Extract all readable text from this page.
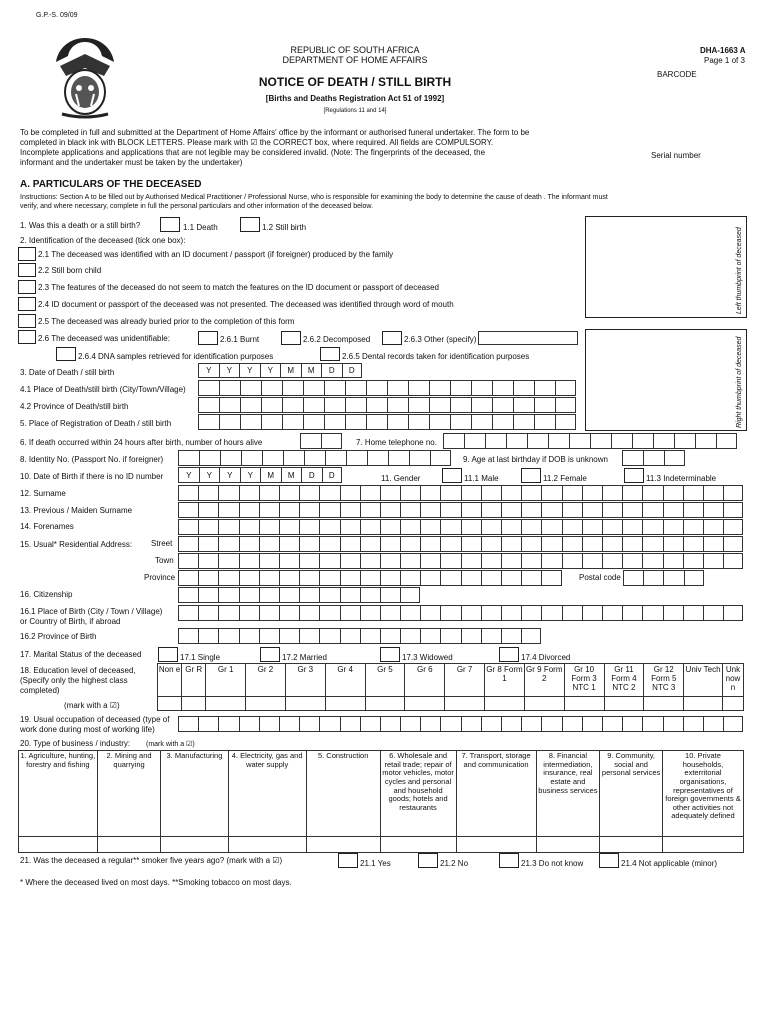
G.P.-S. 09/09
REPUBLIC OF SOUTH AFRICA
DEPARTMENT OF HOME AFFAIRS
NOTICE OF DEATH / STILL BIRTH
[Births and Deaths Registration Act 51 of 1992]
[Regulations 11 and 14]
DHA-1663 A
Page 1 of 3
BARCODE
Serial number
To be completed in full and submitted at the Department of Home Affairs' office by the informant or authorised funeral undertaker. The form to be
completed in black ink with BLOCK LETTERS. Please mark with ☑ the CORRECT box, where required. All fields are COMPULSORY.
Incomplete applications and applications that are not legible may be considered invalid. (Note: The fingerprints of the deceased, the
informant and the undertaker must be taken by the undertaker)
A. PARTICULARS OF THE DECEASED
Instructions: Section A to be filled out by Authorised Medical Practitioner / Professional Nurse, who is responsible for examining the body to determine the cause of death . The informant must
verify, and where necessary, complete in full the personal particulars and other information of the deceased below.
Left thumbprint of deceased
Right thumbprint of deceased
1. Was this a death or a still birth?	1.1 Death	1.2 Still birth
2. Identification of the deceased (tick one box):
2.1 The deceased was identified with an ID document / passport (if foreigner) produced by the family
2.2 Still born child
2.3 The features of the deceased do not seem to match the features on the ID document or passport of deceased
2.4 ID document or passport of the deceased was not presented. The deceased was identified through word of mouth
2.5 The deceased was already buried prior to the completion of this form
2.6 The deceased was unidentifiable:	2.6.1 Burnt	2.6.2 Decomposed	2.6.3 Other (specify)
2.6.4 DNA samples retrieved for identification purposes	2.6.5 Dental records taken for identification purposes
3. Date of Death / still birth	Y	Y	Y	Y	M	M	D	D
4.1 Place of Death/still birth (City/Town/Village)
4.2 Province of Death/still birth
5. Place of Registration of Death / still birth
6. If death occurred within 24 hours after birth, number of hours alive	7. Home telephone no.
8. Identity No. (Passport No. if foreigner)	9. Age at last birthday if DOB is unknown
10. Date of Birth if there is no ID number	Y	Y	Y	Y	M	M	D	D	11. Gender	11.1 Male	11.2 Female	11.3 Indeterminable
12. Surname
13. Previous / Maiden Surname
14. Forenames
15. Usual* Residential Address: Street
Town
Province	Postal code
16. Citizenship
16.1 Place of Birth (City / Town / Village)
or Country of Birth, if abroad
16.2 Province of Birth
17. Marital Status of the deceased	17.1 Single	17.2 Married	17.3 Widowed	17.4 Divorced
18. Education level of deceased,
(Specify only the highest class
completed)
(mark with a ☑)
Non e	Gr R	Gr 1	Gr 2	Gr 3	Gr 4	Gr 5	Gr 6	Gr 7	Gr 8 Form 1	Gr 9 Form 2	Gr 10 Form 3 NTC 1	Gr 11 Form 4 NTC 2	Gr 12 Form 5 NTC 3	Univ Tech	Unk now n

19. Usual occupation of deceased (type of
work done during most of working life)
20. Type of business / industry: (mark with a ☑)
1. Agriculture, hunting, forestry and fishing	2. Mining and quarrying	3. Manufacturing	4. Electricity, gas and water supply	5. Construction	6. Wholesale and retail trade; repair of motor vehicles, motor cycles and personal and household goods; hotels and restaurants	7. Transport, storage and communication	8. Financial intermediation, insurance, real estate and business services	9. Community, social and personal services	10. Private households, exterritorial organisations, representatives of foreign governments & other activities not adequately defined

21. Was the deceased a regular** smoker five years ago? (mark with a ☑)	21.1 Yes	21.2 No	21.3 Do not know	21.4 Not applicable (minor)
* Where the deceased lived on most days. **Smoking tobacco on most days.
